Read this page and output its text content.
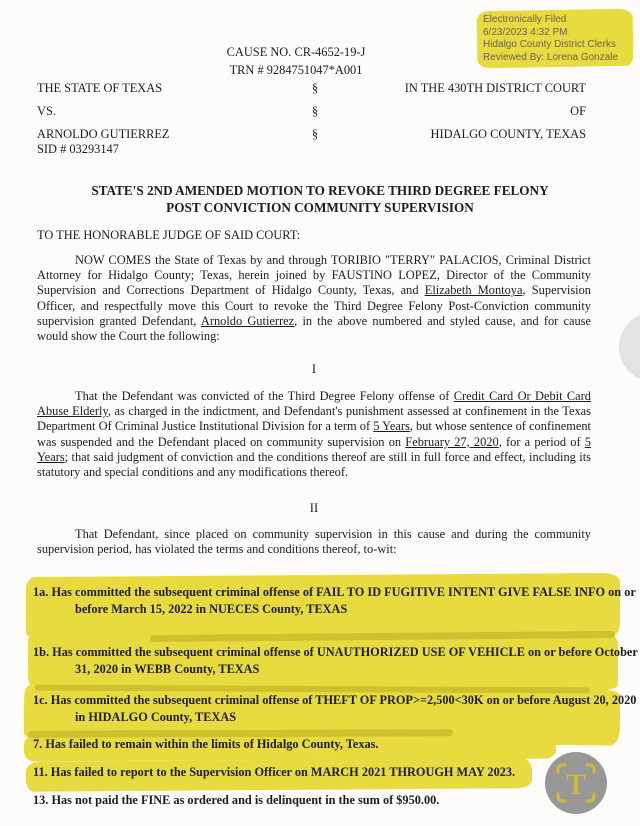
Electronically Filed
6/23/2023 4:32 PM
Hidalgo County District Clerks
Reviewed By: Lorena Gonzale
CAUSE NO. CR-4652-19-J
TRN # 9284751047*A001
THE STATE OF TEXAS
VS.
ARNOLDO GUTIERREZ
SID # 03293147
§
§
§
IN THE 430TH DISTRICT COURT
OF
HIDALGO COUNTY, TEXAS
STATE'S 2ND AMENDED MOTION TO REVOKE THIRD DEGREE FELONY
POST CONVICTION COMMUNITY SUPERVISION
TO THE HONORABLE JUDGE OF SAID COURT:

NOW COMES the State of Texas by and through TORIBIO "TERRY" PALACIOS, Criminal District Attorney for Hidalgo County; Texas, herein joined by FAUSTINO LOPEZ, Director of the Community Supervision and Corrections Department of Hidalgo County, Texas, and Elizabeth Montoya, Supervision Officer, and respectfully move this Court to revoke the Third Degree Felony Post-Conviction community supervision granted Defendant, Arnoldo Gutierrez, in the above numbered and styled cause, and for cause would show the Court the following:

I

That the Defendant was convicted of the Third Degree Felony offense of Credit Card Or Debit Card Abuse Elderly, as charged in the indictment, and Defendant's punishment assessed at confinement in the Texas Department Of Criminal Justice Institutional Division for a term of 5 Years, but whose sentence of confinement was suspended and the Defendant placed on community supervision on February 27, 2020, for a period of 5 Years; that said judgment of conviction and the conditions thereof are still in full force and effect, including its statutory and special conditions and any modifications thereof.

II

That Defendant, since placed on community supervision in this cause and during the community supervision period, has violated the terms and conditions thereof, to-wit:

1a. Has committed the subsequent criminal offense of FAIL TO ID FUGITIVE INTENT GIVE FALSE INFO on or before March 15, 2022 in NUECES County, TEXAS

1b. Has committed the subsequent criminal offense of UNAUTHORIZED USE OF VEHICLE on or before October 31, 2020 in WEBB County, TEXAS

1c. Has committed the subsequent criminal offense of THEFT OF PROP>=2,500<30K on or before August 20, 2020 in HIDALGO County, TEXAS

7. Has failed to remain within the limits of Hidalgo County, Texas.

11. Has failed to report to the Supervision Officer on MARCH 2021 THROUGH MAY 2023.

13. Has not paid the FINE as ordered and is delinquent in the sum of $950.00.	T
